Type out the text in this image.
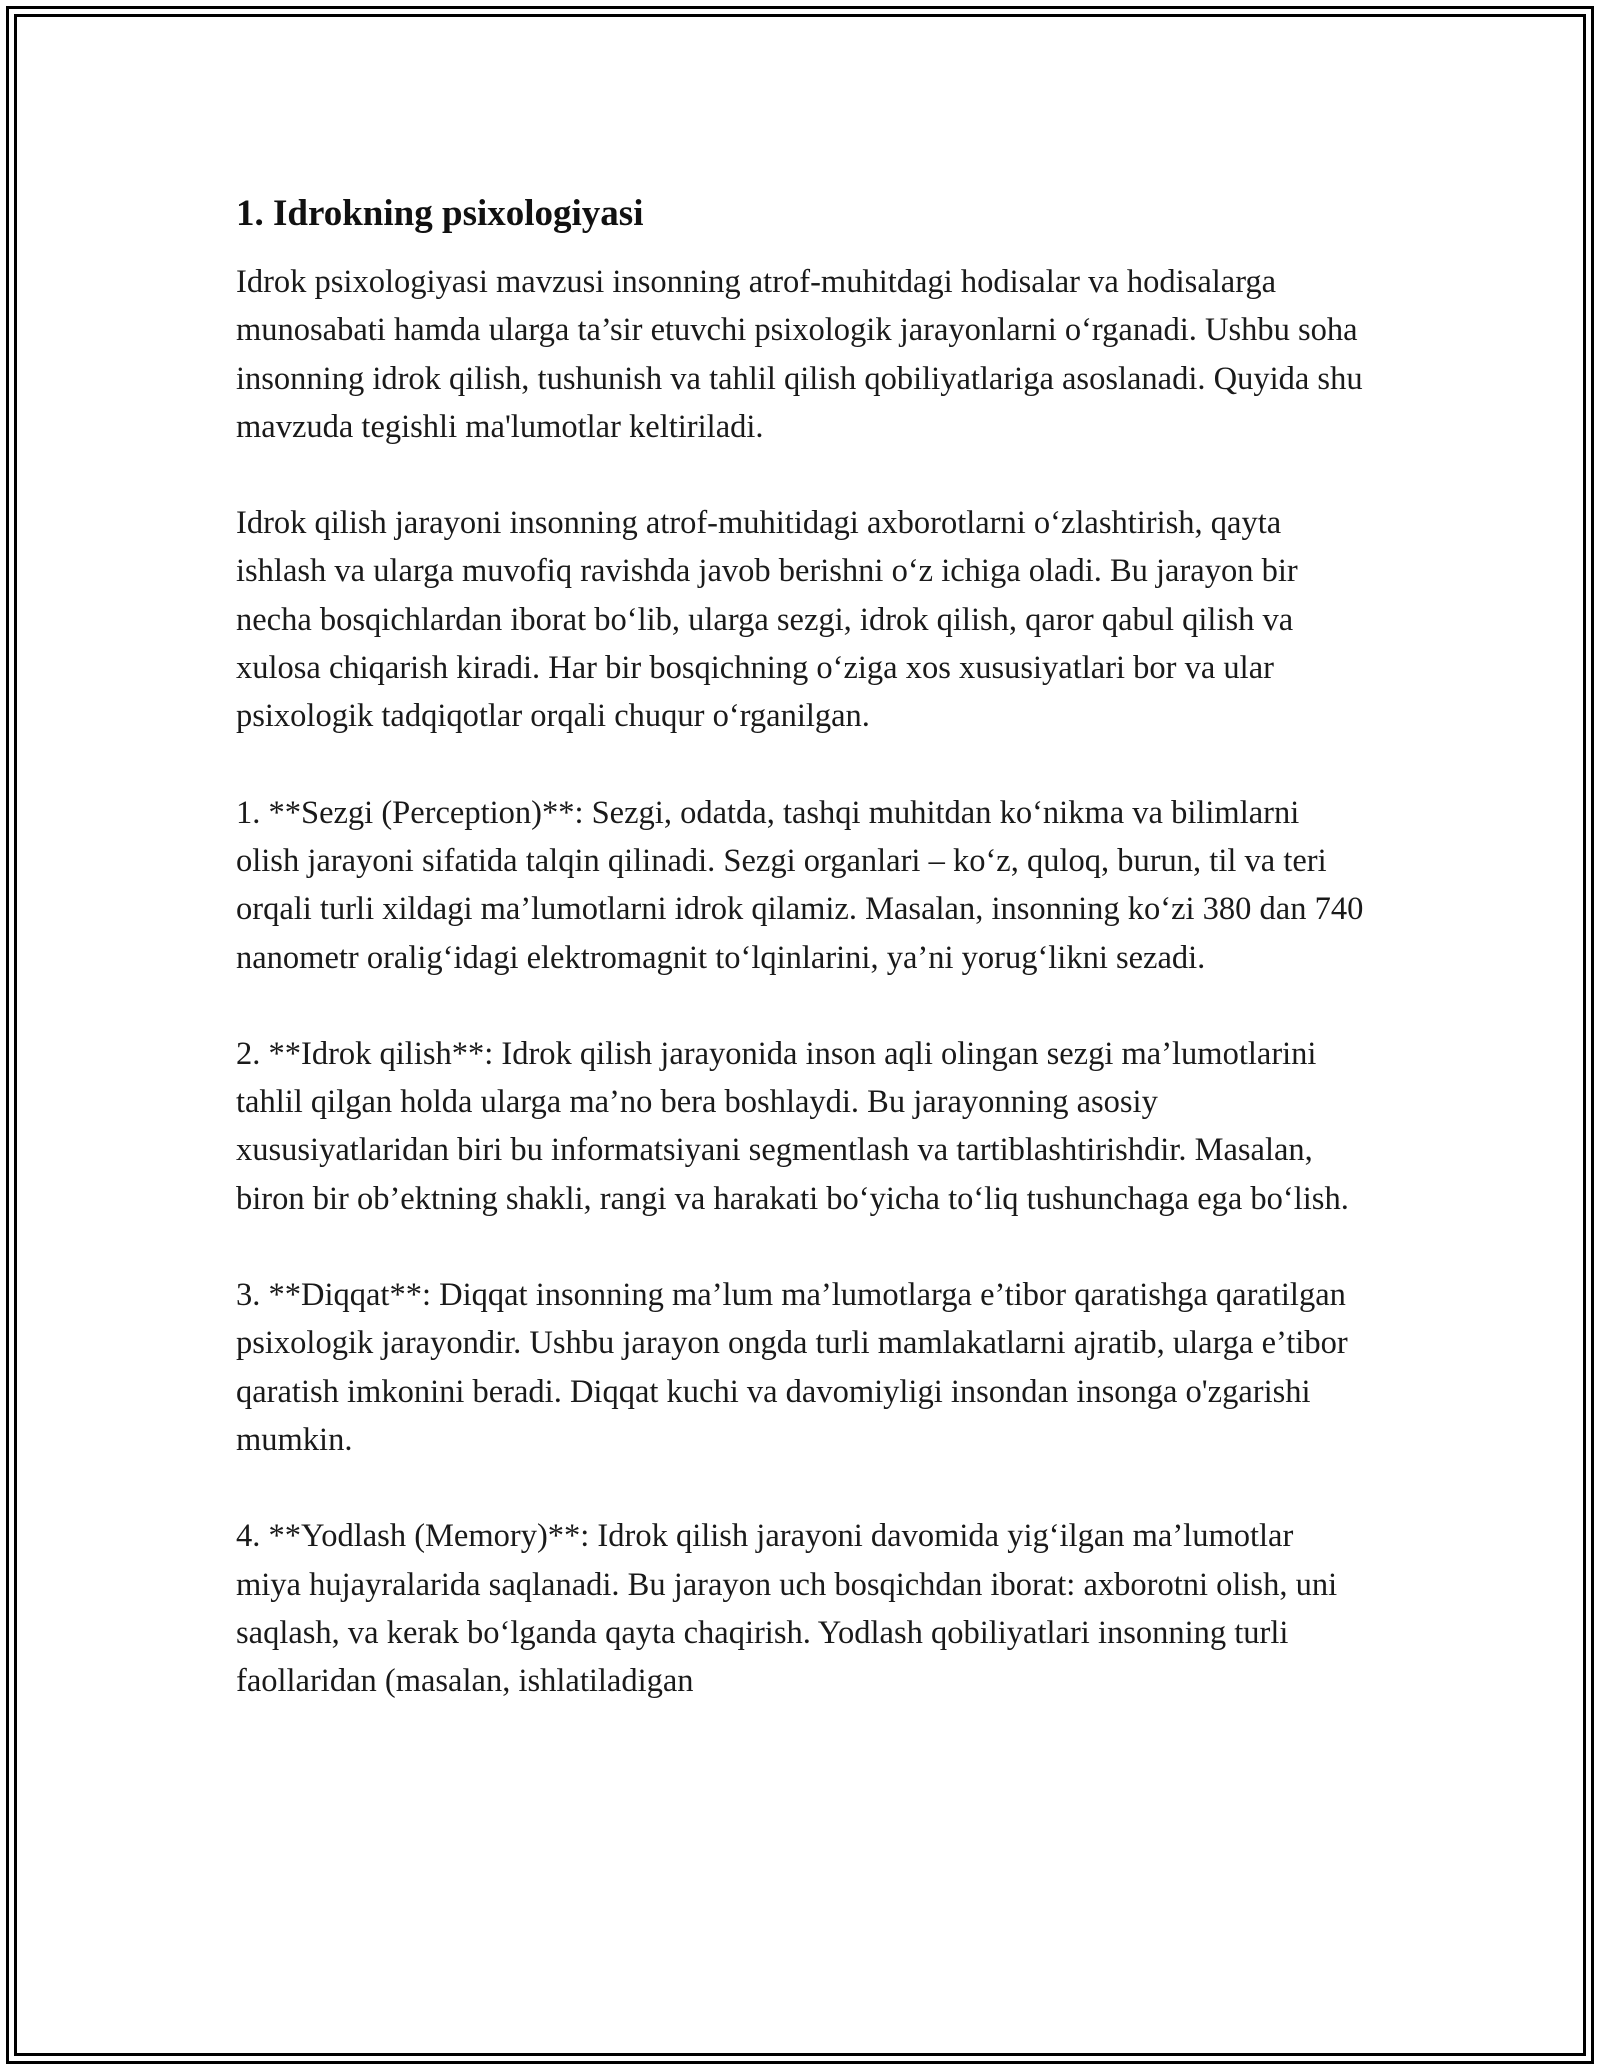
1. Idrokning psixologiyasi

Idrok psixologiyasi mavzusi insonning atrof-muhitdagi hodisalar va hodisalarga munosabati hamda ularga ta’sir etuvchi psixologik jarayonlarni o‘rganadi. Ushbu soha insonning idrok qilish, tushunish va tahlil qilish qobiliyatlariga asoslanadi. Quyida shu mavzuda tegishli ma'lumotlar keltiriladi.

Idrok qilish jarayoni insonning atrof-muhitidagi axborotlarni o‘zlashtirish, qayta ishlash va ularga muvofiq ravishda javob berishni o‘z ichiga oladi. Bu jarayon bir necha bosqichlardan iborat bo‘lib, ularga sezgi, idrok qilish, qaror qabul qilish va xulosa chiqarish kiradi. Har bir bosqichning o‘ziga xos xususiyatlari bor va ular psixologik tadqiqotlar orqali chuqur o‘rganilgan.

1. **Sezgi (Perception)**: Sezgi, odatda, tashqi muhitdan ko‘nikma va bilimlarni olish jarayoni sifatida talqin qilinadi. Sezgi organlari – ko‘z, quloq, burun, til va teri orqali turli xildagi ma’lumotlarni idrok qilamiz. Masalan, insonning ko‘zi 380 dan 740 nanometr oralig‘idagi elektromagnit to‘lqinlarini, ya’ni yorug‘likni sezadi.

2. **Idrok qilish**: Idrok qilish jarayonida inson aqli olingan sezgi ma’lumotlarini tahlil qilgan holda ularga ma’no bera boshlaydi. Bu jarayonning asosiy xususiyatlaridan biri bu informatsiyani segmentlash va tartiblashtirishdir. Masalan, biron bir ob’ektning shakli, rangi va harakati bo‘yicha to‘liq tushunchaga ega bo‘lish.

3. **Diqqat**: Diqqat insonning ma’lum ma’lumotlarga e’tibor qaratishga qaratilgan psixologik jarayondir. Ushbu jarayon ongda turli mamlakatlarni ajratib, ularga e’tibor qaratish imkonini beradi. Diqqat kuchi va davomiyligi insondan insonga o'zgarishi mumkin.

4. **Yodlash (Memory)**: Idrok qilish jarayoni davomida yig‘ilgan ma’lumotlar miya hujayralarida saqlanadi. Bu jarayon uch bosqichdan iborat: axborotni olish, uni saqlash, va kerak bo‘lganda qayta chaqirish. Yodlash qobiliyatlari insonning turli faollaridan (masalan, ishlatiladigan
